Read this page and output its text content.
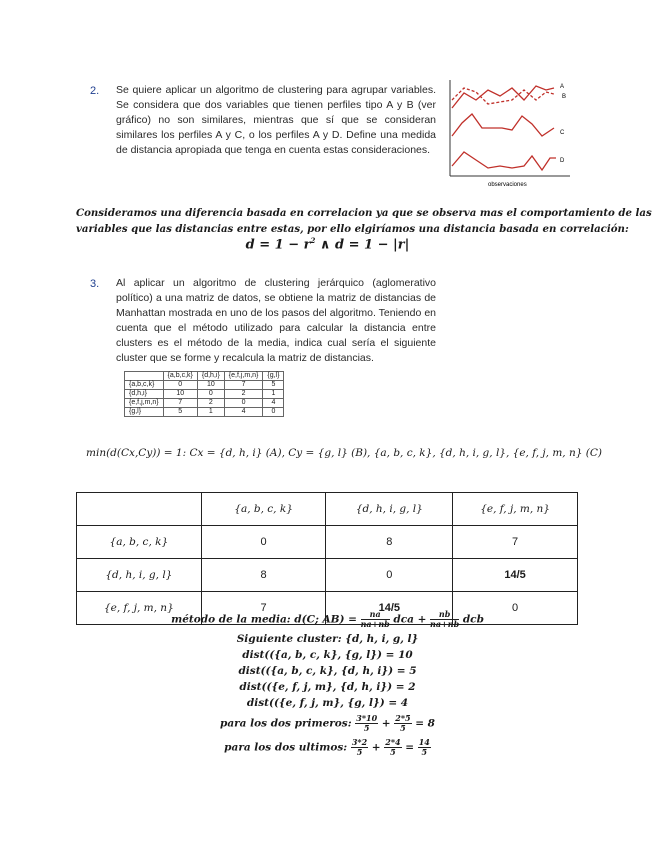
2. Se quiere aplicar un algoritmo de clustering para agrupar variables. Se considera que dos variables que tienen perfiles tipo A y B (ver gráfico) no son similares, mientras que sí que se consideran similares los perfiles A y C, o los perfiles A y D. Define una medida de distancia apropiada que tenga en cuenta estas consideraciones.
A
B
C
D
observaciones
Consideramos una diferencia basada en correlacion ya que se observa mas el comportamiento de las
variables que las distancias entre estas, por ello elgiríamos una distancia basada en correlación:
$d = 1 - r^2$ ∧ d = 1 − |r|
3. Al aplicar un algoritmo de clustering jerárquico (aglomerativo político) a una matriz de datos, se obtiene la matriz de distancias de Manhattan mostrada en uno de los pasos del algoritmo. Teniendo en cuenta que el método utilizado para calcular la distancia entre clusters es el método de la media, indica cual sería el siguiente cluster que se forme y recalcula la matriz de distancias.
	{a,b,c,k}	{d,h,i}	{e,f,j,m,n}	{g,l}
{a,b,c,k}	0	10	7	5
{d,h,i}	10	0	2	1
{e,f,j,m,n}	7	2	0	4
{g,l}	5	1	4	0
min(d(Cx,Cy)) = 1: Cx = {d, h, i} (A), Cy = {g, l} (B), {a, b, c, k}, {d, h, i, g, l}, {e, f, j, m, n} (C)
	{a, b, c, k}	{d, h, i, g, l}	{e, f, j, m, n}
{a, b, c, k}	0	8	7
{d, h, i, g, l}	8	0	14/5
{e, f, j, m, n}	7	14/5	0
método de la media: d(C; $AB) = \frac{na}{na+nb}$ dca + $\frac{nb}{na+nb}$ dcb
Siguiente cluster: {d, h, i, g, l}
dist(({a, b, c, k}, {g, l}) = 10
dist(({a, b, c, k}, {d, h, i}) = 5
dist(({e, f, j, m}, {d, h, i}) = 2
dist(({e, f, j, m}, {g, l}) = 4
para los dos primeros: $\frac{3*10}{5} + \frac{2*5}{5} = 8$
para los dos ultimos: $\frac{3*2}{5} + \frac{2*4}{5} = \frac{14}{5}$
